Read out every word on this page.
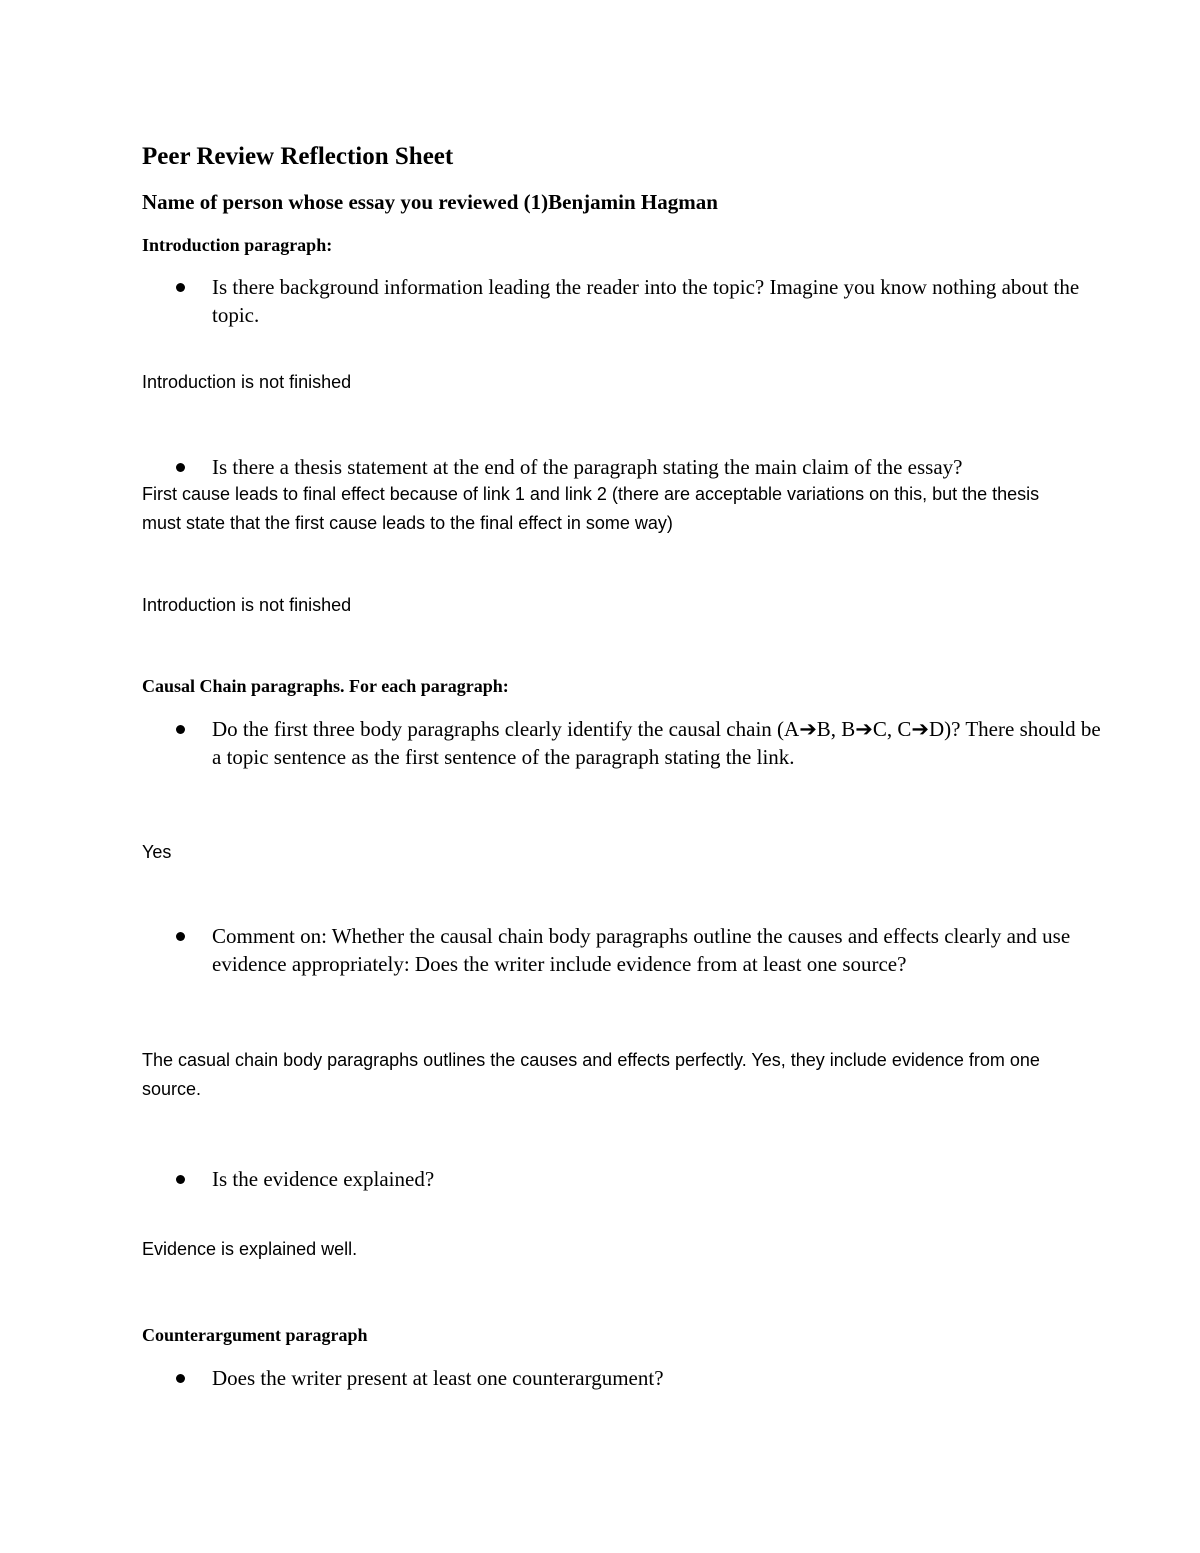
Peer Review Reflection Sheet
Name of person whose essay you reviewed (1)Benjamin Hagman
Introduction paragraph:
Is there background information leading the reader into the topic? Imagine you know nothing about the topic.
Introduction is not finished
Is there a thesis statement at the end of the paragraph stating the main claim of the essay?
First cause leads to final effect because of link 1 and link 2 (there are acceptable variations on this, but the thesis must state that the first cause leads to the final effect in some way)
Introduction is not finished
Causal Chain paragraphs. For each paragraph:
Do the first three body paragraphs clearly identify the causal chain (A➔B, B➔C, C➔D)? There should be a topic sentence as the first sentence of the paragraph stating the link.
Yes
Comment on: Whether the causal chain body paragraphs outline the causes and effects clearly and use evidence appropriately: Does the writer include evidence from at least one source?
The casual chain body paragraphs outlines the causes and effects perfectly. Yes, they include evidence from one source.
Is the evidence explained?
Evidence is explained well.
Counterargument paragraph
Does the writer present at least one counterargument?
